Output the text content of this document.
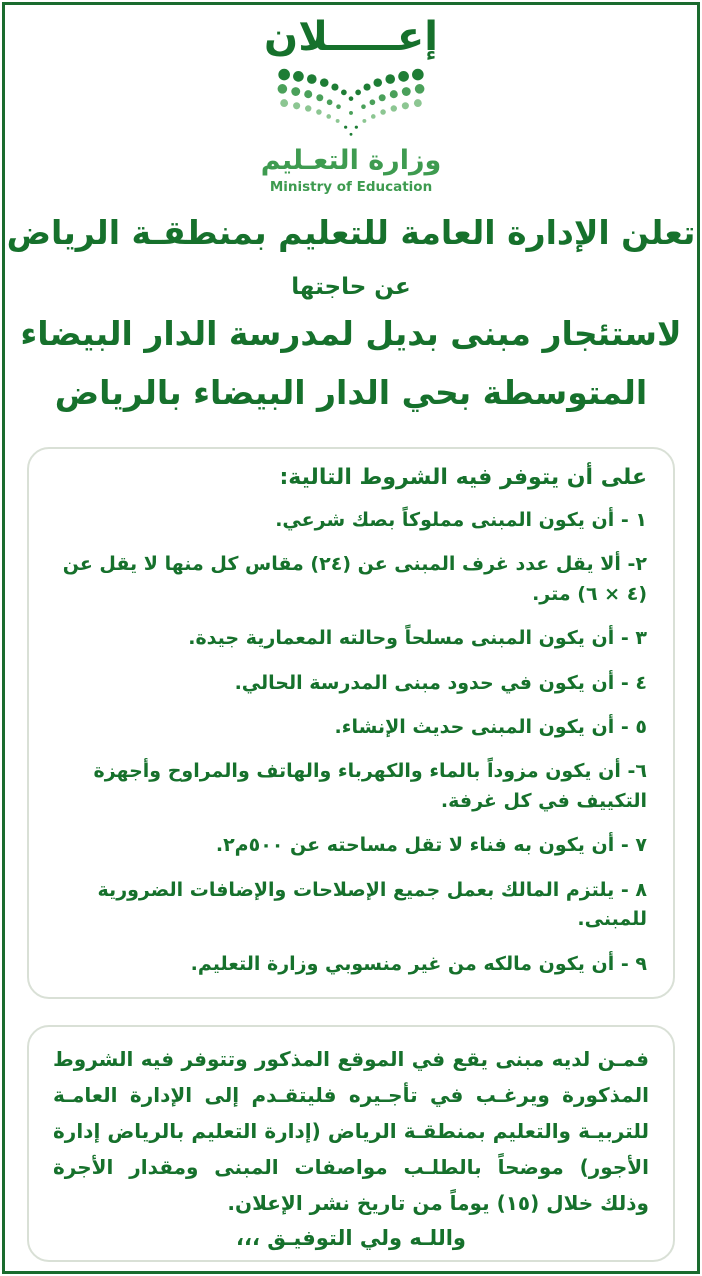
إعـــــلان
وزارة التعـليم
Ministry of Education
تعلن الإدارة العامة للتعليم بمنطقـة الرياض
عن حاجتها
لاستئجار مبنى بديل لمدرسة الدار البيضاء
المتوسطة بحي الدار البيضاء بالرياض
على أن يتوفر فيه الشروط التالية:
١ - أن يكون المبنى مملوكاً بصك شرعي.
٢- ألا يقل عدد غرف المبنى عن (٢٤) مقاس كل منها لا يقل عن (٤ × ٦) متر.
٣ - أن يكون المبنى مسلحاً وحالته المعمارية جيدة.
٤ - أن يكون في حدود مبنى المدرسة الحالي.
٥ - أن يكون المبنى حديث الإنشاء.
٦- أن يكون مزوداً بالماء والكهرباء والهاتف والمراوح وأجهزة التكييف في كل غرفة.
٧ - أن يكون به فناء لا تقل مساحته عن ٥٠٠م٢.
٨ - يلتزم المالك بعمل جميع الإصلاحات والإضافات الضرورية للمبنى.
٩ - أن يكون مالكه من غير منسوبي وزارة التعليم.
فمـن لديه مبنى يقع في الموقع المذكور وتتوفر فيه الشروط المذكورة ويرغـب في تأجـيره فليتقـدم إلى الإدارة العامـة للتربيـة والتعليم بمنطقـة الرياض (إدارة التعليم بالرياض إدارة الأجور) موضحاً بالطلـب مواصفات المبنى ومقدار الأجرة وذلك خلال (١٥) يوماً من تاريخ نشر الإعلان.
واللـه ولي التوفيـق ،،،
